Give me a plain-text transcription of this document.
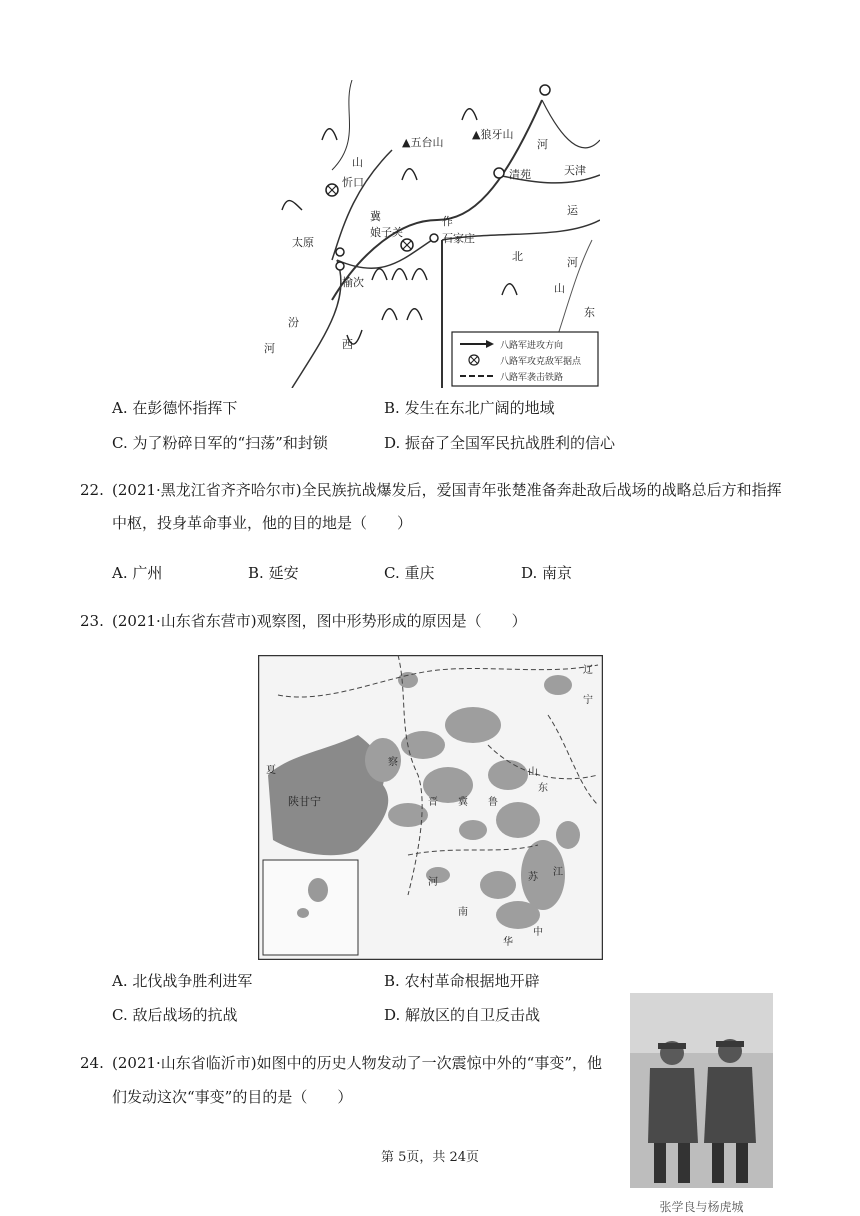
▲五台山
▲狼牙山
天津
河
山
忻口
清苑
冀
娘子关	石家庄
太原
榆次
运
河
北
汾
河	西
山
东
作
八路军进攻方向
八路军攻克敌军据点
八路军袭击铁路
A. 在彭德怀指挥下	B. 发生在东北广阔的地域
C. 为了粉碎日军的“扫荡”和封锁	D. 振奋了全国军民抗战胜利的信心
22. (2021·黑龙江省齐齐哈尔市)全民族抗战爆发后，爱国青年张楚准备奔赴敌后战场的战略总后方和指挥
中枢，投身革命事业，他的目的地是（　　）
A. 广州	B. 延安	C. 重庆	D. 南京
23. (2021·山东省东营市)观察图，图中形势形成的原因是（　　）
辽
宁
夏
陕甘宁
察
晋 冀 鲁
山
东
河
南
苏 江
中
华
A. 北伐战争胜利进军	B. 农村革命根据地开辟
C. 敌后战场的抗战	D. 解放区的自卫反击战
24. (2021·山东省临沂市)如图中的历史人物发动了一次震惊中外的“事变”，他
们发动这次“事变”的目的是（　　）
张学良与杨虎城
第 5页，共 24页
